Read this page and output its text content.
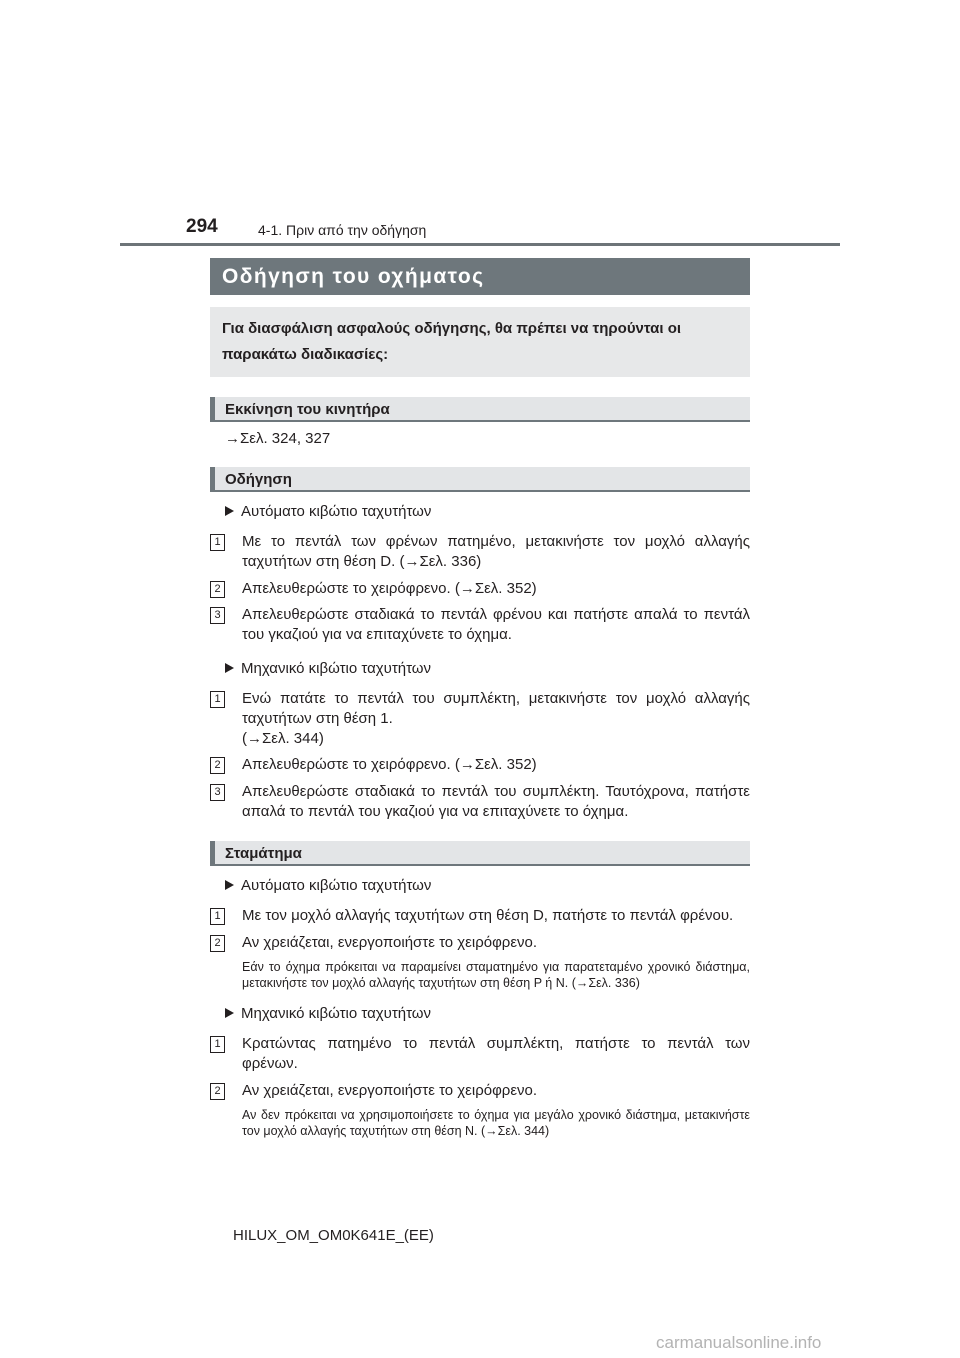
294	4-1. Πριν από την οδήγηση
Οδήγηση του οχήματος
Για διασφάλιση ασφαλούς οδήγησης, θα πρέπει να τηρούνται οι παρακάτω διαδικασίες:
Εκκίνηση του κινητήρα
→Σελ. 324, 327
Οδήγηση
Αυτόματο κιβώτιο ταχυτήτων
1 Με το πεντάλ των φρένων πατημένο, μετακινήστε τον μοχλό αλλαγής ταχυτήτων στη θέση D. (→Σελ. 336)
2 Απελευθερώστε το χειρόφρενο. (→Σελ. 352)
3 Απελευθερώστε σταδιακά το πεντάλ φρένου και πατήστε απαλά το πεντάλ του γκαζιού για να επιταχύνετε το όχημα.
Μηχανικό κιβώτιο ταχυτήτων
1 Ενώ πατάτε το πεντάλ του συμπλέκτη, μετακινήστε τον μοχλό αλλαγής ταχυτήτων στη θέση 1.
(→Σελ. 344)
2 Απελευθερώστε το χειρόφρενο. (→Σελ. 352)
3 Απελευθερώστε σταδιακά το πεντάλ του συμπλέκτη. Ταυτόχρονα, πατήστε απαλά το πεντάλ του γκαζιού για να επιταχύνετε το όχημα.
Σταμάτημα
Αυτόματο κιβώτιο ταχυτήτων
1 Με τον μοχλό αλλαγής ταχυτήτων στη θέση D, πατήστε το πεντάλ φρένου.
2 Αν χρειάζεται, ενεργοποιήστε το χειρόφρενο.
Εάν το όχημα πρόκειται να παραμείνει σταματημένο για παρατεταμένο χρονικό διάστημα, μετακινήστε τον μοχλό αλλαγής ταχυτήτων στη θέση P ή N. (→Σελ. 336)
Μηχανικό κιβώτιο ταχυτήτων
1 Κρατώντας πατημένο το πεντάλ συμπλέκτη, πατήστε το πεντάλ των φρένων.
2 Αν χρειάζεται, ενεργοποιήστε το χειρόφρενο.
Αν δεν πρόκειται να χρησιμοποιήσετε το όχημα για μεγάλο χρονικό διάστημα, μετακινήστε τον μοχλό αλλαγής ταχυτήτων στη θέση N. (→Σελ. 344)
HILUX_OM_OM0K641E_(EE)
carmanualsonline.info
